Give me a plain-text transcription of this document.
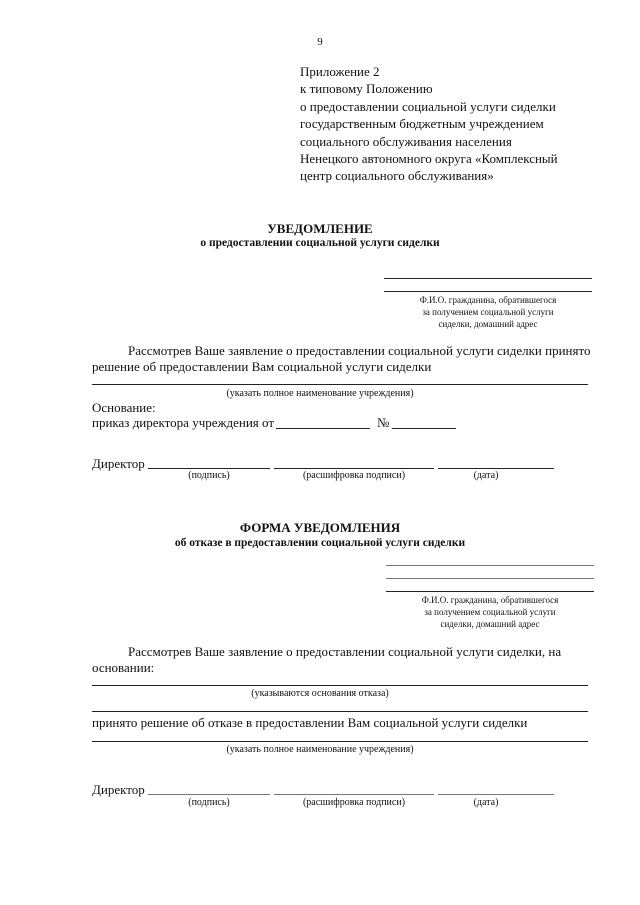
9
Приложение 2
к типовому Положению
о предоставлении социальной услуги сиделки
государственным бюджетным учреждением
социального обслуживания населения
Ненецкого автономного округа «Комплексный
центр социального обслуживания»
УВЕДОМЛЕНИЕ
о предоставлении социальной услуги сиделки
Ф.И.О. гражданина, обратившегося
за получением социальной услуги
сиделки, домашний адрес
Рассмотрев Ваше заявление о предоставлении социальной услуги сиделки принято
решение об предоставлении Вам социальной услуги сиделки
(указать полное наименование учреждения)
Основание:
приказ директора учреждения от	№
Директор
(подпись)	(расшифровка подписи)	(дата)
ФОРМА УВЕДОМЛЕНИЯ
об отказе в предоставлении социальной услуги сиделки
Ф.И.О. гражданина, обратившегося
за получением социальной услуги
сиделки, домашний адрес
Рассмотрев Ваше заявление о предоставлении социальной услуги сиделки, на
основании:
(указываются основания отказа)
принято решение об отказе в предоставлении Вам социальной услуги сиделки
(указать полное наименование учреждения)
Директор
(подпись)	(расшифровка подписи)	(дата)
